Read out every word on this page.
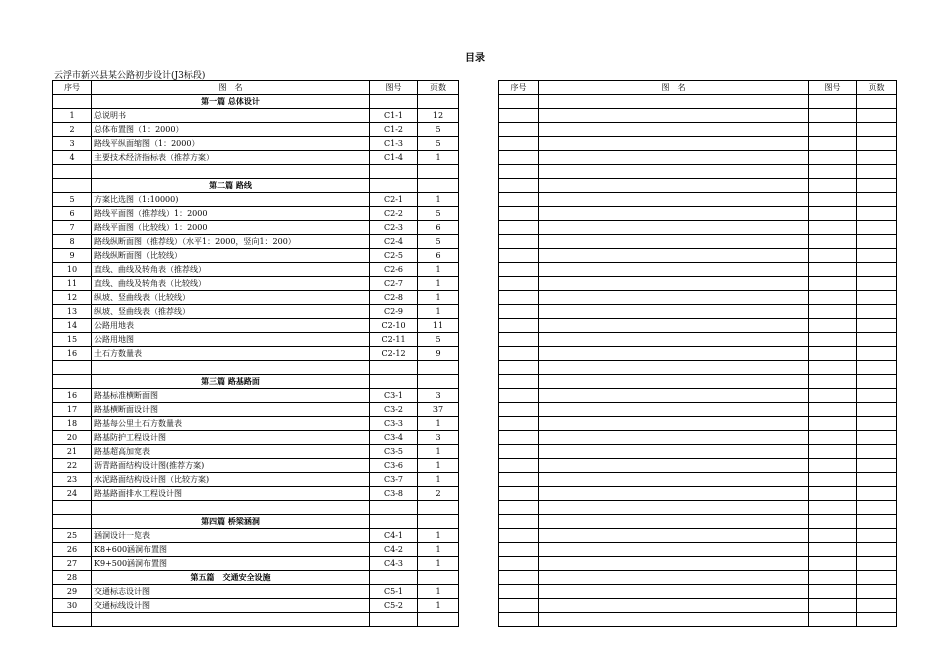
目录
云浮市新兴县某公路初步设计(J3标段)
序号	图　名	图号	页数
	第一篇 总体设计		
1	总说明书	C1-1	12
2	总体布置图（1：2000）	C1-2	5
3	路线平纵面缩图（1：2000）	C1-3	5
4	主要技术经济指标表（推荐方案）	C1-4	1

	第二篇 路线		
5	方案比选图（1:10000)	C2-1	1
6	路线平面图（推荐线）1：2000	C2-2	5
7	路线平面图（比较线）1：2000	C2-3	6
8	路线纵断面图（推荐线）（水平1：2000，竖向1：200）	C2-4	5
9	路线纵断面图（比较线）	C2-5	6
10	直线、曲线及转角表（推荐线）	C2-6	1
11	直线、曲线及转角表（比较线）	C2-7	1
12	纵坡、竖曲线表（比较线）	C2-8	1
13	纵坡、竖曲线表（推荐线）	C2-9	1
14	公路用地表	C2-10	11
15	公路用地图	C2-11	5
16	土石方数量表	C2-12	9

	第三篇 路基路面		
16	路基标准横断面图	C3-1	3
17	路基横断面设计图	C3-2	37
18	路基每公里土石方数量表	C3-3	1
20	路基防护工程设计图	C3-4	3
21	路基超高加宽表	C3-5	1
22	沥青路面结构设计图(推荐方案)	C3-6	1
23	水泥路面结构设计图（比较方案)	C3-7	1
24	路基路面排水工程设计图	C3-8	2

	第四篇 桥梁涵洞		
25	涵洞设计一览表	C4-1	1
26	K8+600涵洞布置图	C4-2	1
27	K9+500涵洞布置图	C4-3	1
28	第五篇　交通安全设施		
29	交通标志设计图	C5-1	1
30	交通标线设计图	C5-2	1

序号	图　名	图号	页数
